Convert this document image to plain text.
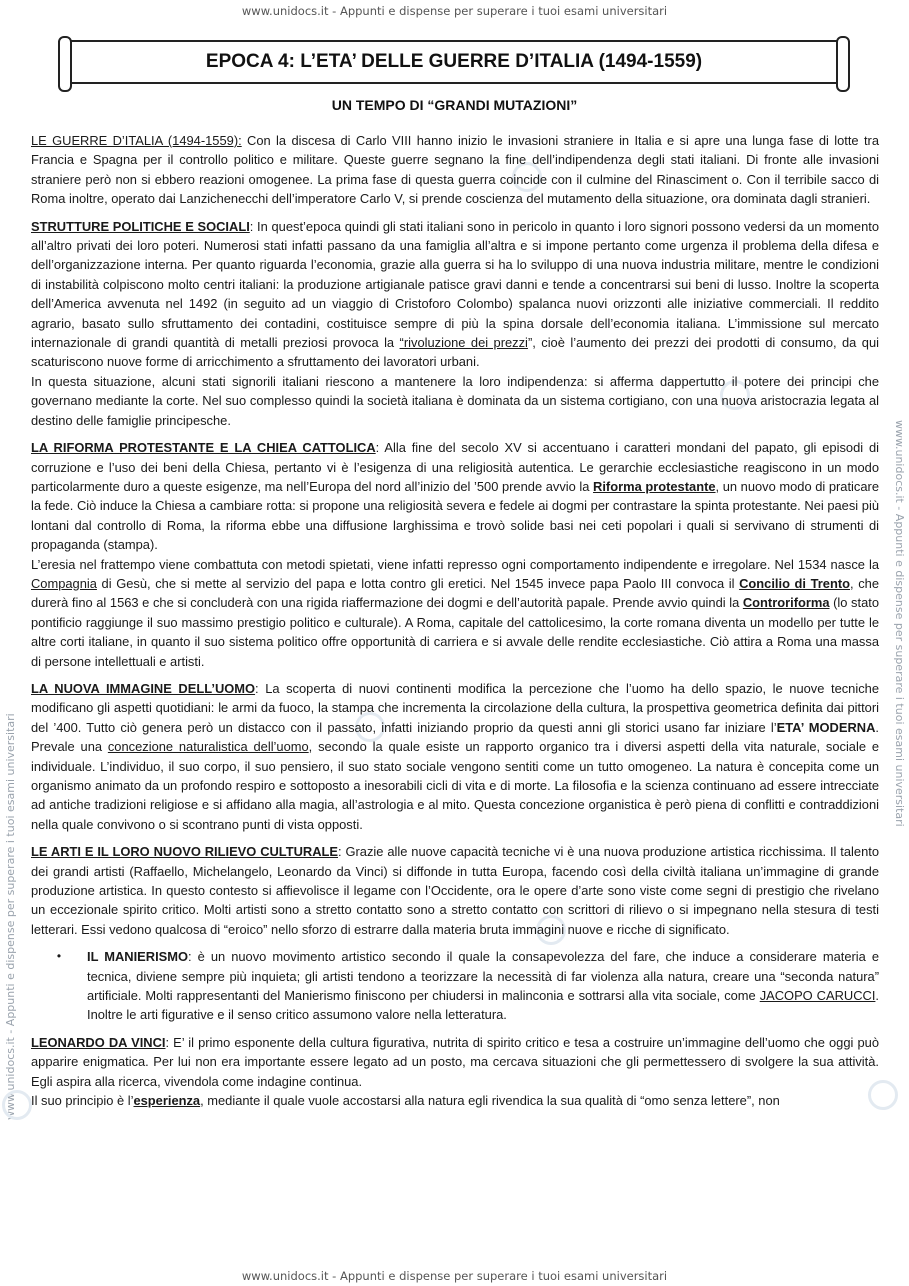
www.unidocs.it - Appunti e dispense per superare i tuoi esami universitari
www.unidocs.it - Appunti e dispense per superare i tuoi esami universitari
www.unidocs.it - Appunti e dispense per superare i tuoi esami universitari
www.unidocs.it - Appunti e dispense per superare i tuoi esami universitari
EPOCA 4: L’ETA’ DELLE GUERRE D’ITALIA (1494-1559)
UN TEMPO DI “GRANDI MUTAZIONI”

LE GUERRE D’ITALIA (1494-1559): Con la discesa di Carlo VIII hanno inizio le invasioni straniere in Italia e si apre una lunga fase di lotte tra Francia e Spagna per il controllo politico e militare. Queste guerre segnano la fine dell’indipendenza degli stati italiani. Di fronte alle invasioni straniere però non si ebbero reazioni omogenee. La prima fase di questa guerra coincide con il culmine del Rinasciment o. Con il terribile sacco di Roma inoltre, operato dai Lanzichenecchi dell’imperatore Carlo V, si prende coscienza del mutamento della situazione, ora dominata dagli stranieri.

STRUTTURE POLITICHE E SOCIALI: In quest’epoca quindi gli stati italiani sono in pericolo in quanto i loro signori possono vedersi da un momento all’altro privati dei loro poteri. Numerosi stati infatti passano da una famiglia all’altra e si impone pertanto come urgenza il problema della difesa e dell’organizzazione interna. Per quanto riguarda l’economia, grazie alla guerra si ha lo sviluppo di una nuova industria militare, mentre le condizioni di instabilità colpiscono molto centri italiani: la produzione artigianale patisce gravi danni e tende a concentrarsi sui beni di lusso. Inoltre la scoperta dell’America avvenuta nel 1492 (in seguito ad un viaggio di Cristoforo Colombo) spalanca nuovi orizzonti alle iniziative commerciali. Il reddito agrario, basato sullo sfruttamento dei contadini, costituisce sempre di più la spina dorsale dell’economia italiana. L’immissione sul mercato internazionale di grandi quantità di metalli preziosi provoca la “rivoluzione dei prezzi”, cioè l’aumento dei prezzi dei prodotti di consumo, da qui scaturiscono nuove forme di arricchimento a sfruttamento dei lavoratori urbani.

In questa situazione, alcuni stati signorili italiani riescono a mantenere la loro indipendenza: si afferma dappertutto il potere dei principi che governano mediante la corte. Nel suo complesso quindi la società italiana è dominata da un sistema cortigiano, con una nuova aristocrazia legata al destino delle famiglie principesche.

LA RIFORMA PROTESTANTE E LA CHIEA CATTOLICA: Alla fine del secolo XV si accentuano i caratteri mondani del papato, gli episodi di corruzione e l’uso dei beni della Chiesa, pertanto vi è l’esigenza di una religiosità autentica. Le gerarchie ecclesiastiche reagiscono in un modo particolarmente duro a queste esigenze, ma nell’Europa del nord all’inizio del ’500 prende avvio la Riforma protestante, un nuovo modo di praticare la fede. Ciò induce la Chiesa a cambiare rotta: si propone una religiosità severa e fedele ai dogmi per contrastare la spinta protestante. Nei paesi più lontani dal controllo di Roma, la riforma ebbe una diffusione larghissima e trovò solide basi nei ceti popolari i quali si servivano di strumenti di propaganda (stampa).

L’eresia nel frattempo viene combattuta con metodi spietati, viene infatti represso ogni comportamento indipendente e irregolare. Nel 1534 nasce la Compagnia di Gesù, che si mette al servizio del papa e lotta contro gli eretici. Nel 1545 invece papa Paolo III convoca il Concilio di Trento, che durerà fino al 1563 e che si concluderà con una rigida riaffermazione dei dogmi e dell’autorità papale. Prende avvio quindi la Controriforma (lo stato pontificio raggiunge il suo massimo prestigio politico e culturale). A Roma, capitale del cattolicesimo, la corte romana diventa un modello per tutte le altre corti italiane, in quanto il suo sistema politico offre opportunità di carriera e si avvale delle rendite ecclesiastiche. Ciò attira a Roma una massa di persone intellettuali e artisti.

LA NUOVA IMMAGINE DELL’UOMO: La scoperta di nuovi continenti modifica la percezione che l’uomo ha dello spazio, le nuove tecniche modificano gli aspetti quotidiani: le armi da fuoco, la stampa che incrementa la circolazione della cultura, la prospettiva geometrica definita dai pittori del ’400. Tutto ciò genera però un distacco con il passato, infatti iniziando proprio da questi anni gli storici usano far iniziare l’ETA’ MODERNA. Prevale una concezione naturalistica dell’uomo, secondo la quale esiste un rapporto organico tra i diversi aspetti della vita naturale, sociale e individuale. L’individuo, il suo corpo, il suo pensiero, il suo stato sociale vengono sentiti come un tutto omogeneo. La natura è concepita come un organismo animato da un profondo respiro e sottoposto a inesorabili cicli di vita e di morte. La filosofia e la scienza continuano ad essere intrecciate ad antiche tradizioni religiose e si affidano alla magia, all’astrologia e al mito. Questa concezione organistica è però piena di conflitti e contraddizioni nella quale convivono o si scontrano punti di vista opposti.

LE ARTI E IL LORO NUOVO RILIEVO CULTURALE: Grazie alle nuove capacità tecniche vi è una nuova produzione artistica ricchissima. Il talento dei grandi artisti (Raffaello, Michelangelo, Leonardo da Vinci) si diffonde in tutta Europa, facendo così della civiltà italiana un’immagine di grande produzione artistica. In questo contesto si affievolisce il legame con l’Occidente, ora le opere d’arte sono viste come segni di prestigio che rivelano un eccezionale spirito critico. Molti artisti sono a stretto contatto sono a stretto contatto con scrittori di rilievo o si impegnano nella stesura di testi letterari. Essi vedono qualcosa di “eroico” nello sforzo di estrarre dalla materia bruta immagini nuove e ricche di significato.

•	IL MANIERISMO: è un nuovo movimento artistico secondo il quale la consapevolezza del fare, che induce a considerare materia e tecnica, diviene sempre più inquieta; gli artisti tendono a teorizzare la necessità di far violenza alla natura, creare una “seconda natura” artificiale. Molti rappresentanti del Manierismo finiscono per chiudersi in malinconia e sottrarsi alla vita sociale, come JACOPO CARUCCI. Inoltre le arti figurative e il senso critico assumono valore nella letteratura.

LEONARDO DA VINCI: E’ il primo esponente della cultura figurativa, nutrita di spirito critico e tesa a costruire un’immagine dell’uomo che oggi può apparire enigmatica. Per lui non era importante essere legato ad un posto, ma cercava situazioni che gli permettessero di svolgere la sua attività. Egli aspira alla ricerca, vivendola come indagine continua.

Il suo principio è l’esperienza, mediante il quale vuole accostarsi alla natura egli rivendica la sua qualità di “omo senza lettere”, non
